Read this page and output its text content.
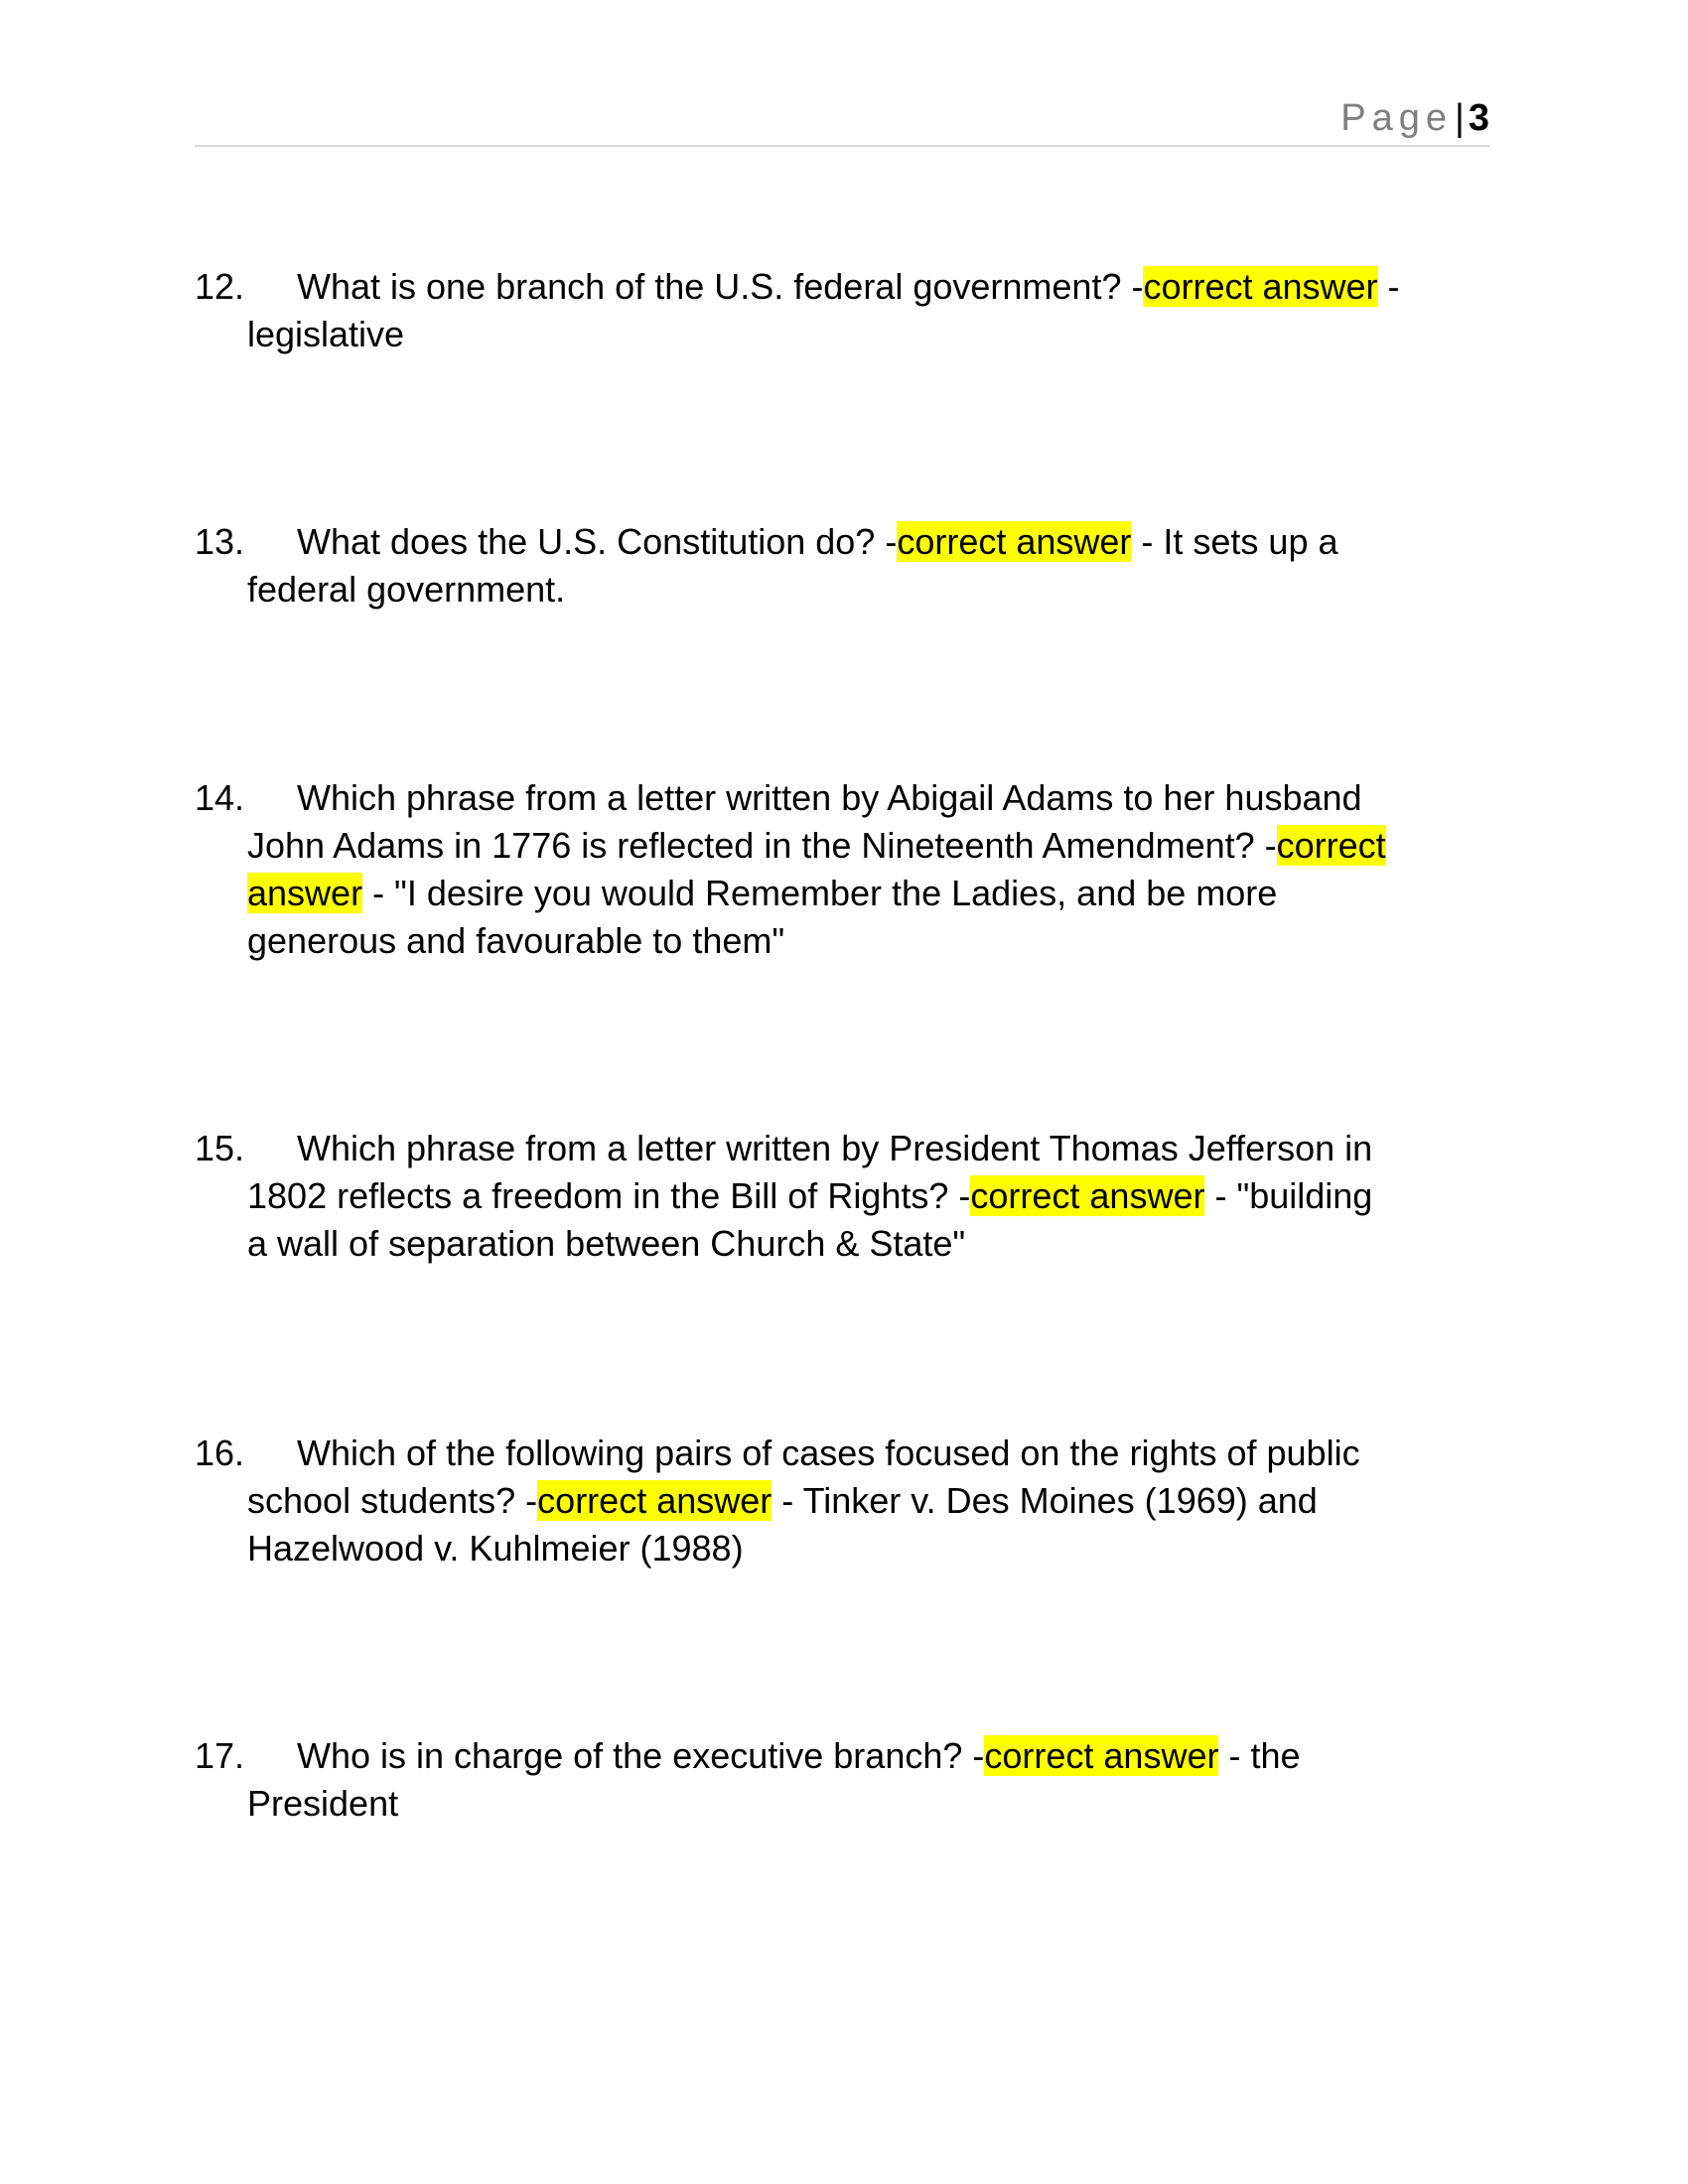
Page| 3
12. What is one branch of the U.S. federal government? -correct answer -
legislative
13. What does the U.S. Constitution do? -correct answer - It sets up a
federal government.
14. Which phrase from a letter written by Abigail Adams to her husband
John Adams in 1776 is reflected in the Nineteenth Amendment? -correct
answer - "I desire you would Remember the Ladies, and be more
generous and favourable to them"
15. Which phrase from a letter written by President Thomas Jefferson in
1802 reflects a freedom in the Bill of Rights? -correct answer - "building
a wall of separation between Church & State"
16. Which of the following pairs of cases focused on the rights of public
school students? -correct answer - Tinker v. Des Moines (1969) and
Hazelwood v. Kuhlmeier (1988)
17. Who is in charge of the executive branch? -correct answer - the
President
